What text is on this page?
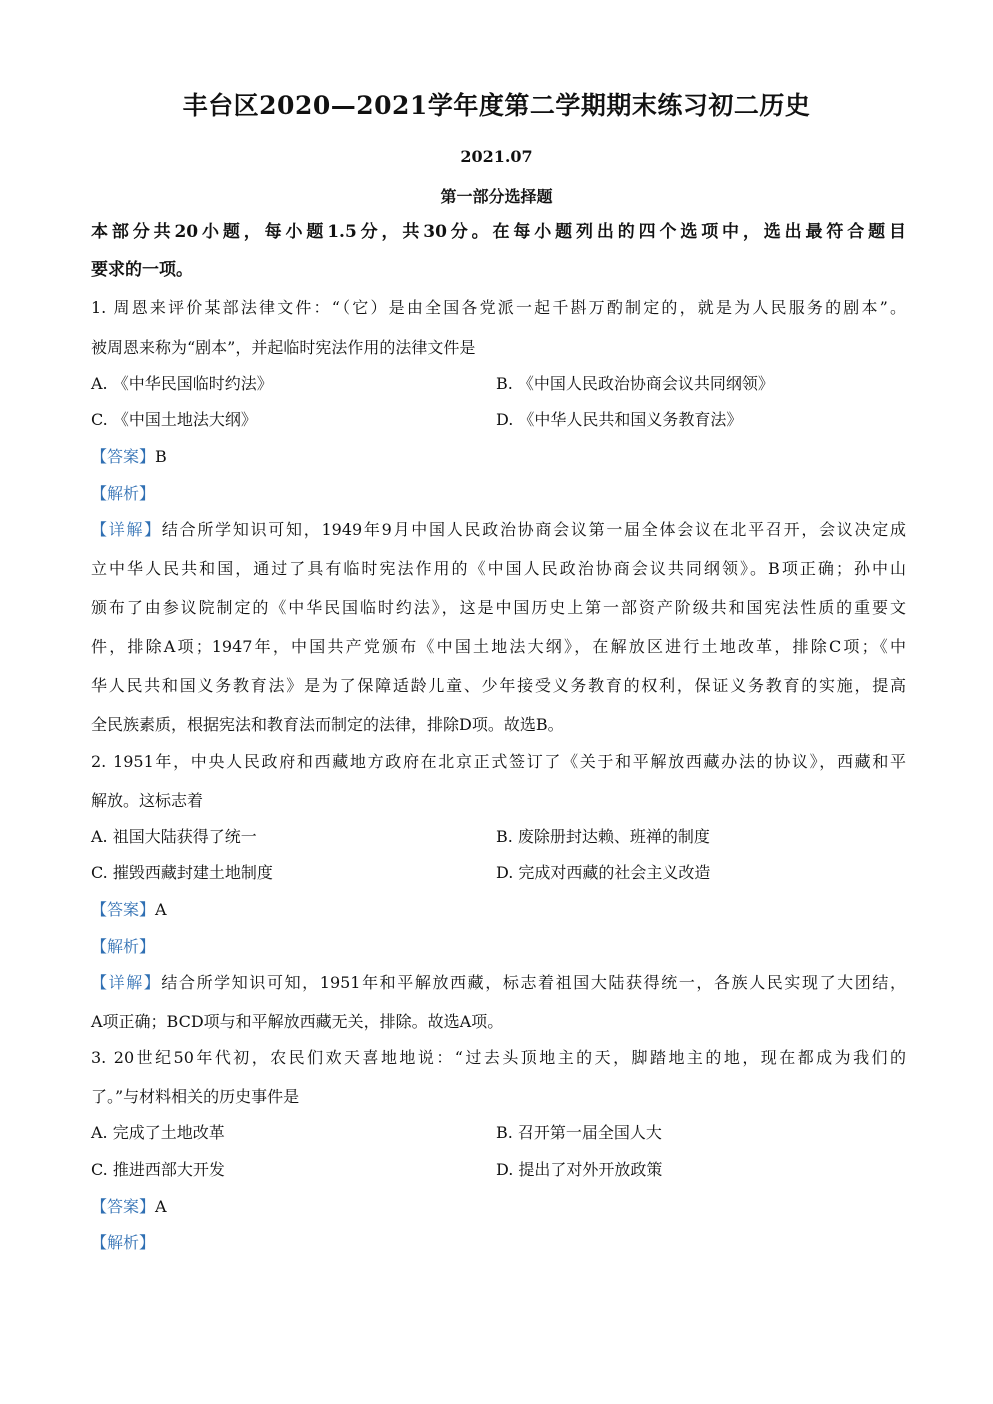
丰台区2020—2021学年度第二学期期末练习初二历史
2021.07
第一部分选择题
本部分共20小题，每小题1.5分，共30分。在每小题列出的四个选项中，选出最符合题目
要求的一项。
1. 周恩来评价某部法律文件：“（它）是由全国各党派一起千斟万酌制定的，就是为人民服务的剧本”。
被周恩来称为“剧本”，并起临时宪法作用的法律文件是
A. 《中华民国临时约法》	B. 《中国人民政治协商会议共同纲领》
C. 《中国土地法大纲》	D. 《中华人民共和国义务教育法》
【答案】B
【解析】
【详解】结合所学知识可知，1949年9月中国人民政治协商会议第一届全体会议在北平召开，会议决定成
立中华人民共和国，通过了具有临时宪法作用的《中国人民政治协商会议共同纲领》。B项正确；孙中山
颁布了由参议院制定的《中华民国临时约法》，这是中国历史上第一部资产阶级共和国宪法性质的重要文
件，排除A项；1947年，中国共产党颁布《中国土地法大纲》，在解放区进行土地改革，排除C项；《中
华人民共和国义务教育法》是为了保障适龄儿童、少年接受义务教育的权利，保证义务教育的实施，提高
全民族素质，根据宪法和教育法而制定的法律，排除D项。故选B。
2. 1951年，中央人民政府和西藏地方政府在北京正式签订了《关于和平解放西藏办法的协议》，西藏和平
解放。这标志着
A. 祖国大陆获得了统一	B. 废除册封达赖、班禅的制度
C. 摧毁西藏封建土地制度	D. 完成对西藏的社会主义改造
【答案】A
【解析】
【详解】结合所学知识可知，1951年和平解放西藏，标志着祖国大陆获得统一，各族人民实现了大团结，
A项正确；BCD项与和平解放西藏无关，排除。故选A项。
3. 20世纪50年代初，农民们欢天喜地地说：“过去头顶地主的天，脚踏地主的地，现在都成为我们的
了。”与材料相关的历史事件是
A. 完成了土地改革	B. 召开第一届全国人大
C. 推进西部大开发	D. 提出了对外开放政策
【答案】A
【解析】
